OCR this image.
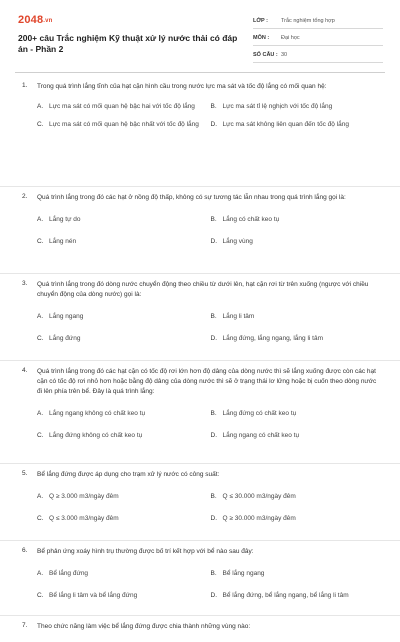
2048.vn
200+ câu Trắc nghiệm Kỹ thuật xử lý nước thải có đáp án - Phần 2
LỚP :	Trắc nghiệm tổng hợp
MÔN :	Đại học
SỐ CÂU : 30
1. Trong quá trình lắng tĩnh của hạt cặn hình cầu trong nước lực ma sát và tốc độ lắng có mối quan hệ:
A. Lực ma sát có mối quan hệ bậc hai với tốc độ lắng B. Lực ma sát tỉ lệ nghịch với tốc độ lắng
C. Lực ma sát có mối quan hệ bậc nhất với tốc độ lắng D. Lực ma sát không liên quan đến tốc độ lắng
2. Quá trình lắng trong đó các hạt ở nồng độ thấp, không có sự tương tác lẫn nhau trong quá trình lắng gọi là:
A. Lắng tự do	B. Lắng có chất keo tụ
C. Lắng nén	D. Lắng vùng
3. Quá trình lắng trong đó dòng nước chuyển động theo chiều từ dưới lên, hạt cặn rơi từ trên xuống (ngược với chiều chuyển động của dòng nước) gọi là:
A. Lắng ngang	B. Lắng li tâm
C. Lắng đứng	D. Lắng đứng, lắng ngang, lắng li tâm
4. Quá trình lắng trong đó các hạt cặn có tốc độ rơi lớn hơn độ dâng của dòng nước thì sẽ lắng xuống được còn các hạt cặn có tốc độ rơi nhỏ hơn hoặc bằng độ dâng của dòng nước thì sẽ ở trạng thái lơ lửng hoặc bị cuốn theo dòng nước đi lên phía trên bể. Đây là quá trình lắng:
A. Lắng ngang không có chất keo tụ	B. Lắng đứng có chất keo tụ
C. Lắng đứng không có chất keo tụ	D. Lắng ngang có chất keo tụ
5. Bể lắng đứng được áp dụng cho trạm xử lý nước có công suất:
A. Q ≥ 3.000 m3/ngày đêm	B. Q ≤ 30.000 m3/ngày đêm
C. Q ≤ 3.000 m3/ngày đêm	D. Q ≥ 30.000 m3/ngày đêm
6. Bể phản ứng xoáy hình trụ thường được bố trí kết hợp với bể nào sau đây:
A. Bể lắng đứng	B. Bể lắng ngang
C. Bể lắng li tâm và bể lắng đứng	D. Bể lắng đứng, bể lắng ngang, bể lắng li tâm
7. Theo chức năng làm việc bể lắng đứng được chia thành những vùng nào:
